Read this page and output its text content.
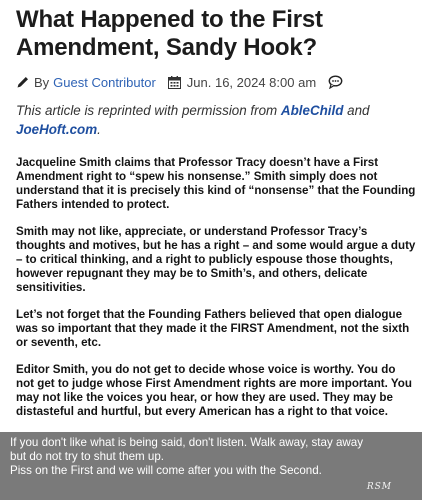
What Happened to the First Amendment, Sandy Hook?
By Guest Contributor Jun. 16, 2024 8:00 am

This article is reprinted with permission from AbleChild and JoeHoft.com.

Jacqueline Smith claims that Professor Tracy doesn’t have a First Amendment right to “spew his nonsense.” Smith simply does not understand that it is precisely this kind of “nonsense” that the Founding Fathers intended to protect.

Smith may not like, appreciate, or understand Professor Tracy’s thoughts and motives, but he has a right – and some would argue a duty – to critical thinking, and a right to publicly espouse those thoughts, however repugnant they may be to Smith’s, and others, delicate sensitivities.

Let’s not forget that the Founding Fathers believed that open dialogue was so important that they made it the FIRST Amendment, not the sixth or seventh, etc.

Editor Smith, you do not get to decide whose voice is worthy. You do not get to judge whose First Amendment rights are more important. You may not like the voices you hear, or how they are used. They may be distasteful and hurtful, but every American has a right to that voice.

If you don't like what is being said, don't listen. Walk away, stay away
but do not try to shut them up.
Piss on the First and we will come after you with the Second.
RSM
